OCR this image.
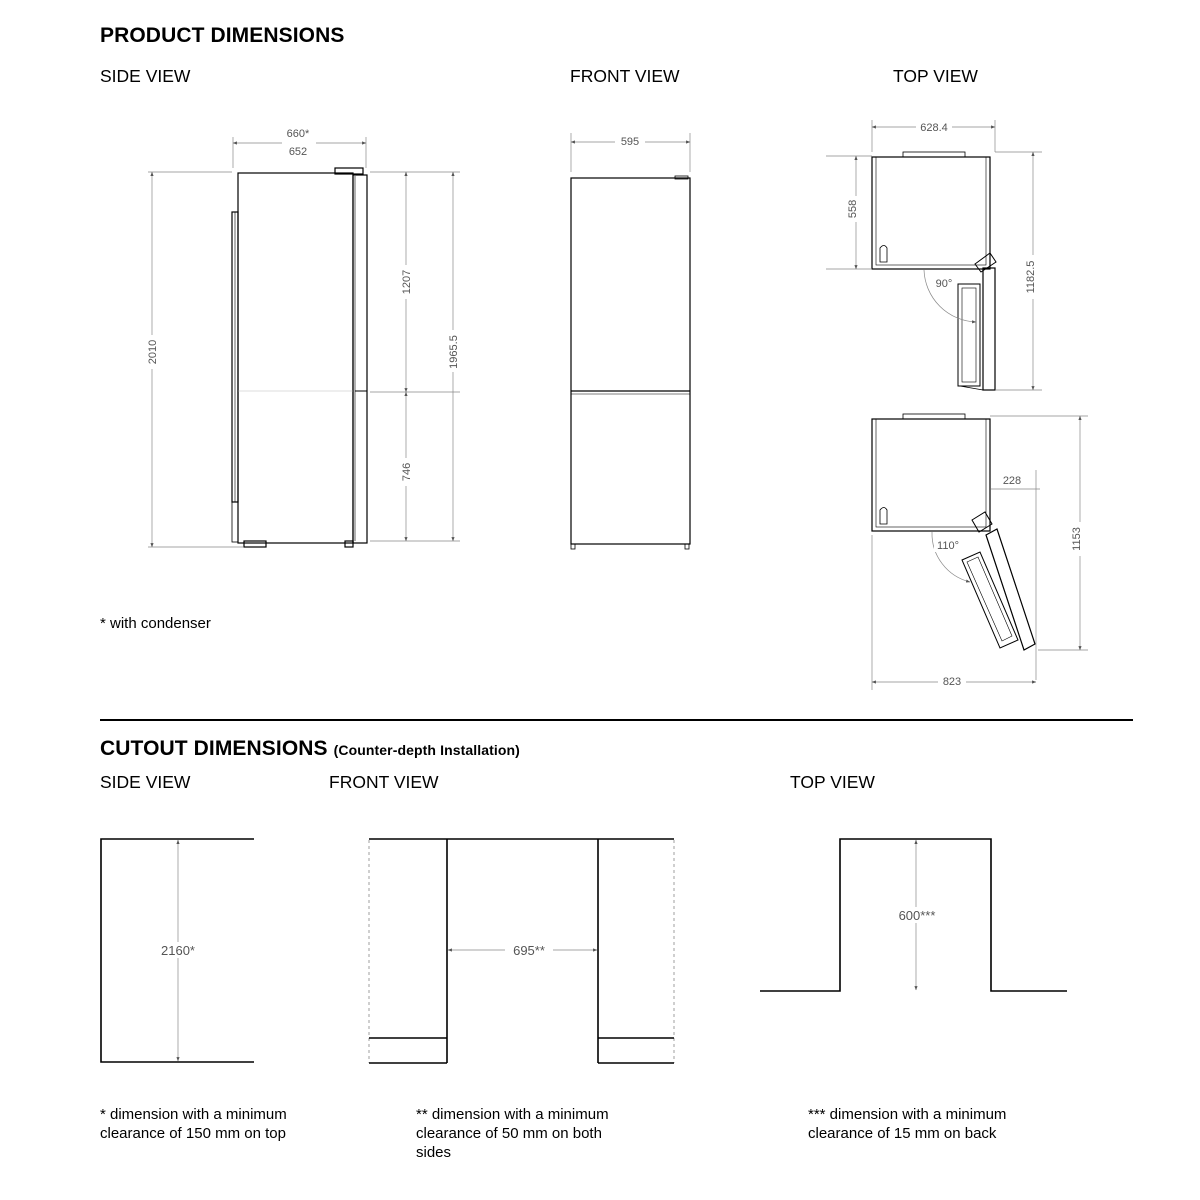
PRODUCT DIMENSIONS
SIDE VIEW	FRONT VIEW	TOP VIEW
* with condenser
CUTOUT DIMENSIONS (Counter-depth Installation)
SIDE VIEW	FRONT VIEW	TOP VIEW
* dimension with a minimum clearance of 150 mm on top
** dimension with a minimum clearance of 50 mm on both sides
*** dimension with a minimum clearance of 15 mm on back
660*
652
2010
1207
746
1965.5
595
628.4
558
1182.5
90°
228
1153
823
110°
2160*	695**
600***
